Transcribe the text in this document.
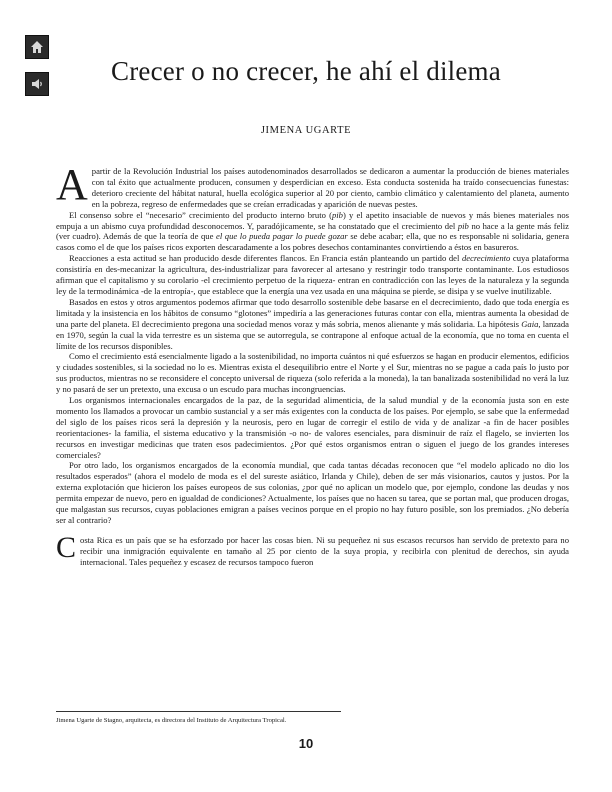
Crecer o no crecer, he ahí el dilema
JIMENA UGARTE

Apartir de la Revolución Industrial los países autodenominados desarrollados se dedicaron a aumentar la producción de bienes materiales con tal éxito que actualmente producen, consumen y desperdician en exceso. Esta conducta sostenida ha traído consecuencias funestas: deterioro creciente del hábitat natural, huella ecológica superior al 20 por ciento, cambio climático y calentamiento del planeta, aumento en la pobreza, regreso de enfermedades que se creían erradicadas y aparición de nuevas pestes.

El consenso sobre el “necesario” crecimiento del producto interno bruto (pib) y el apetito insaciable de nuevos y más bienes materiales nos empuja a un abismo cuya profundidad desconocemos. Y, paradójicamente, se ha constatado que el crecimiento del pib no hace a la gente más feliz (ver cuadro). Además de que la teoría de que el que lo pueda pagar lo puede gozar se debe acabar; ella, que no es responsable ni solidaria, genera casos como el de que los países ricos exporten descaradamente a los pobres desechos contaminantes convirtiendo a éstos en basureros.

Reacciones a esta actitud se han producido desde diferentes flancos. En Francia están planteando un partido del decrecimiento cuya plataforma consistiría en des-mecanizar la agricultura, des-industrializar para favorecer al artesano y restringir todo transporte contaminante. Los estudiosos afirman que el capitalismo y su corolario -el crecimiento perpetuo de la riqueza- entran en contradicción con las leyes de la naturaleza y la segunda ley de la termodinámica -de la entropía-, que establece que la energía una vez usada en una máquina se pierde, se disipa y se vuelve inutilizable.

Basados en estos y otros argumentos podemos afirmar que todo desarrollo sostenible debe basarse en el decrecimiento, dado que toda energía es limitada y la insistencia en los hábitos de consumo “glotones” impediría a las generaciones futuras contar con ella, mientras aumenta la obesidad de una parte del planeta. El decrecimiento pregona una sociedad menos voraz y más sobria, menos alienante y más solidaria. La hipótesis Gaia, lanzada en 1970, según la cual la vida terrestre es un sistema que se autorregula, se contrapone al enfoque actual de la economía, que no toma en cuenta el límite de los recursos disponibles.

Como el crecimiento está esencialmente ligado a la sostenibilidad, no importa cuántos ni qué esfuerzos se hagan en producir elementos, edificios y ciudades sostenibles, si la sociedad no lo es. Mientras exista el desequilibrio entre el Norte y el Sur, mientras no se pague a cada país lo justo por sus productos, mientras no se reconsidere el concepto universal de riqueza (solo referida a la moneda), la tan banalizada sostenibilidad no verá la luz y no pasará de ser un pretexto, una excusa o un escudo para muchas incongruencias.

Los organismos internacionales encargados de la paz, de la seguridad alimenticia, de la salud mundial y de la economía justa son en este momento los llamados a provocar un cambio sustancial y a ser más exigentes con la conducta de los países. Por ejemplo, se sabe que la enfermedad del siglo de los países ricos será la depresión y la neurosis, pero en lugar de corregir el estilo de vida y de analizar -a fin de hacer posibles reorientaciones- la familia, el sistema educativo y la transmisión -o no- de valores esenciales, para disminuir de raíz el flagelo, se invierten los recursos en investigar medicinas que traten esos padecimientos. ¿Por qué estos organismos entran o siguen el juego de los grandes intereses comerciales?

Por otro lado, los organismos encargados de la economía mundial, que cada tantas décadas reconocen que “el modelo aplicado no dio los resultados esperados” (ahora el modelo de moda es el del sureste asiático, Irlanda y Chile), deben de ser más visionarios, cautos y justos. Por la externa explotación que hicieron los países europeos de sus colonias, ¿por qué no aplican un modelo que, por ejemplo, condone las deudas y nos permita empezar de nuevo, pero en igualdad de condiciones? Actualmente, los países que no hacen su tarea, que se portan mal, que producen drogas, que malgastan sus recursos, cuyas poblaciones emigran a países vecinos porque en el propio no hay futuro posible, son los premiados. ¿No debería ser al contrario?

Costa Rica es un país que se ha esforzado por hacer las cosas bien. Ni su pequeñez ni sus escasos recursos han servido de pretexto para no recibir una inmigración equivalente en tamaño al 25 por ciento de la suya propia, y recibirla con plenitud de derechos, sin ayuda internacional. Tales pequeñez y escasez de recursos tampoco fueron

Jimena Ugarte de Stagno, arquitecta, es directora del Instituto de Arquitectura Tropical.
10
